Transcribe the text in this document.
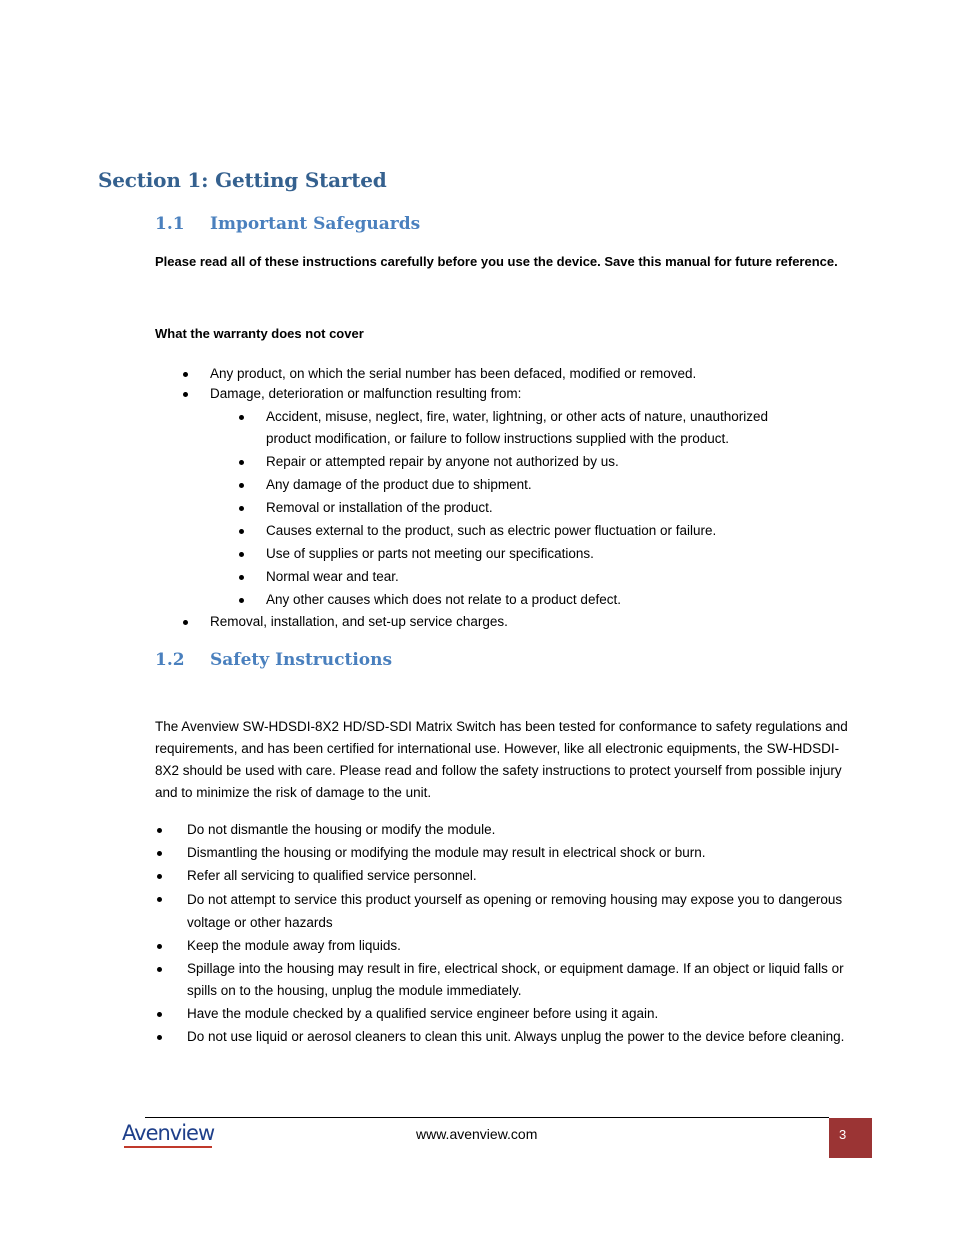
Section 1: Getting Started
1.1 Important Safeguards

Please read all of these instructions carefully before you use the device. Save this manual for future reference.

What the warranty does not cover

Any product, on which the serial number has been defaced, modified or removed.
Damage, deterioration or malfunction resulting from:
Accident, misuse, neglect, fire, water, lightning, or other acts of nature, unauthorized product modification, or failure to follow instructions supplied with the product.
Repair or attempted repair by anyone not authorized by us.
Any damage of the product due to shipment.
Removal or installation of the product.
Causes external to the product, such as electric power fluctuation or failure.
Use of supplies or parts not meeting our specifications.
Normal wear and tear.
Any other causes which does not relate to a product defect.
Removal, installation, and set-up service charges.
1.2 Safety Instructions

The Avenview SW-HDSDI-8X2 HD/SD-SDI Matrix Switch has been tested for conformance to safety regulations and requirements, and has been certified for international use. However, like all electronic equipments, the SW-HDSDI-8X2 should be used with care. Please read and follow the safety instructions to protect yourself from possible injury and to minimize the risk of damage to the unit.

Do not dismantle the housing or modify the module.
Dismantling the housing or modifying the module may result in electrical shock or burn.
Refer all servicing to qualified service personnel.
Do not attempt to service this product yourself as opening or removing housing may expose you to dangerous voltage or other hazards
Keep the module away from liquids.
Spillage into the housing may result in fire, electrical shock, or equipment damage. If an object or liquid falls or spills on to the housing, unplug the module immediately.
Have the module checked by a qualified service engineer before using it again.
Do not use liquid or aerosol cleaners to clean this unit. Always unplug the power to the device before cleaning.

Avenview	www.avenview.com	3
